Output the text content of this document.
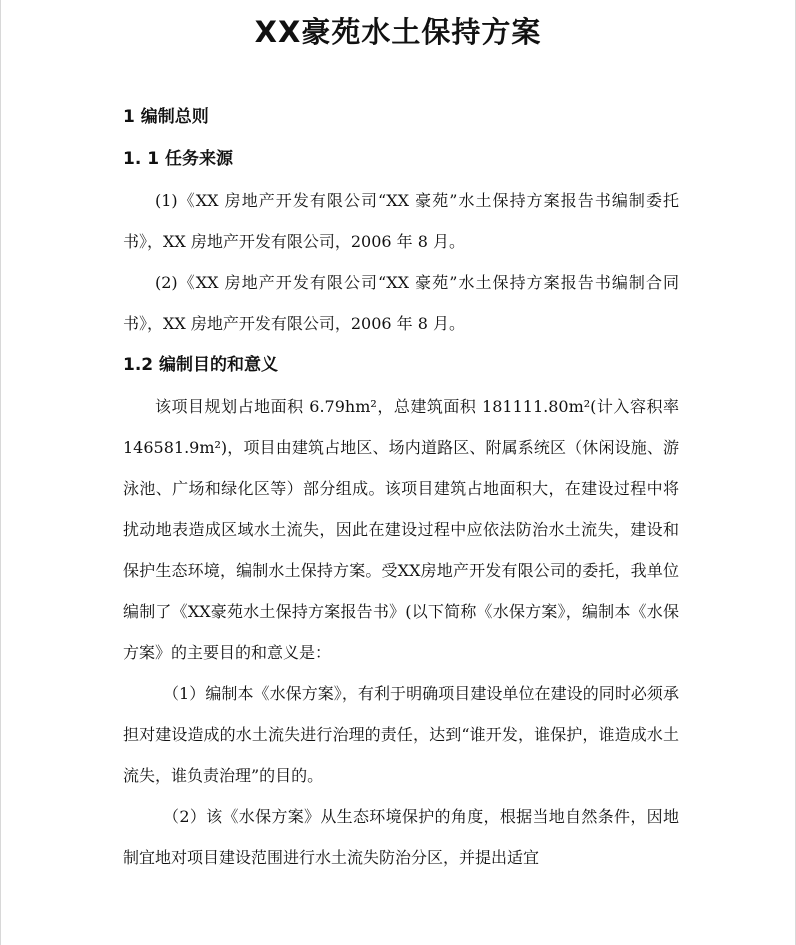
XX豪苑水土保持方案
1 编制总则
1. 1 任务来源
(1)《XX 房地产开发有限公司“XX 豪苑”水土保持方案报告书编制委托书》，XX 房地产开发有限公司，2006 年 8 月。
(2)《XX 房地产开发有限公司“XX 豪苑”水土保持方案报告书编制合同书》，XX 房地产开发有限公司，2006 年 8 月。
1.2 编制目的和意义
该项目规划占地面积 6.79hm²，总建筑面积 181111.80m²(计入容积率 146581.9m²)，项目由建筑占地区、场内道路区、附属系统区（休闲设施、游泳池、广场和绿化区等）部分组成。该项目建筑占地面积大，在建设过程中将扰动地表造成区域水土流失，因此在建设过程中应依法防治水土流失，建设和保护生态环境，编制水土保持方案。受XX房地产开发有限公司的委托，我单位编制了《XX豪苑水土保持方案报告书》(以下简称《水保方案》，编制本《水保方案》的主要目的和意义是：
（1）编制本《水保方案》，有利于明确项目建设单位在建设的同时必须承担对建设造成的水土流失进行治理的责任，达到“谁开发，谁保护，谁造成水土流失，谁负责治理”的目的。
（2）该《水保方案》从生态环境保护的角度，根据当地自然条件，因地制宜地对项目建设范围进行水土流失防治分区，并提出适宜
